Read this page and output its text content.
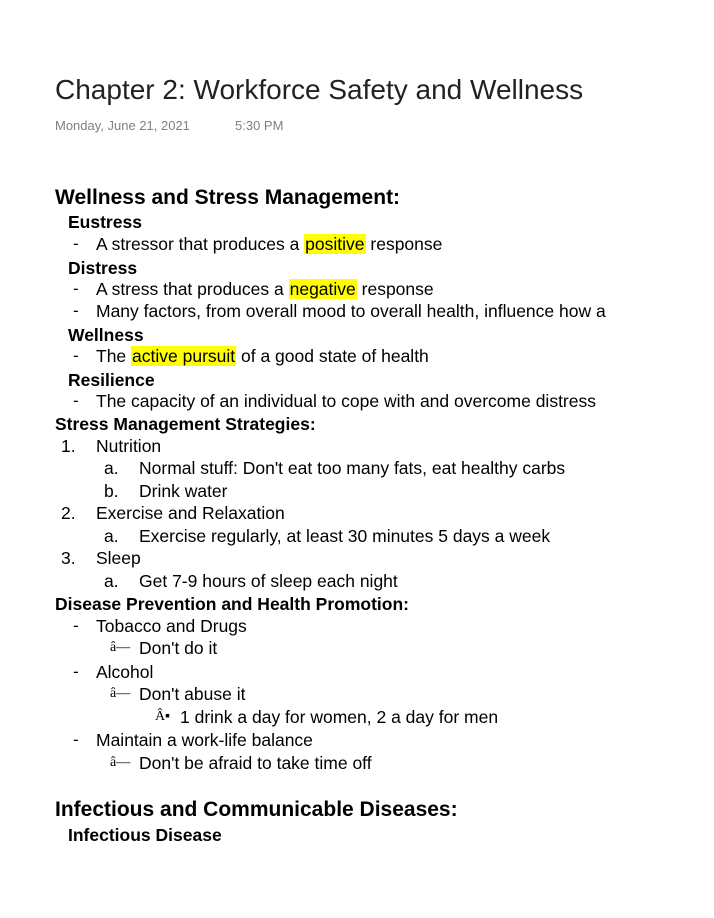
Chapter 2: Workforce Safety and Wellness
Monday, June 21, 2021	5:30 PM
Wellness and Stress Management:
Eustress
- A stressor that produces a positive response
Distress
- A stress that produces a negative response
- Many factors, from overall mood to overall health, influence how a
Wellness
- The active pursuit of a good state of health
Resilience
- The capacity of an individual to cope with and overcome distress
Stress Management Strategies:
1. Nutrition
a. Normal stuff: Don't eat too many fats, eat healthy carbs
b. Drink water
2. Exercise and Relaxation
a. Exercise regularly, at least 30 minutes 5 days a week
3. Sleep
a. Get 7-9 hours of sleep each night
Disease Prevention and Health Promotion:
- Tobacco and Drugs
â— Don't do it
- Alcohol
â— Don't abuse it
Â▪ 1 drink a day for women, 2 a day for men
- Maintain a work-life balance
â— Don't be afraid to take time off
Infectious and Communicable Diseases:
Infectious Disease
